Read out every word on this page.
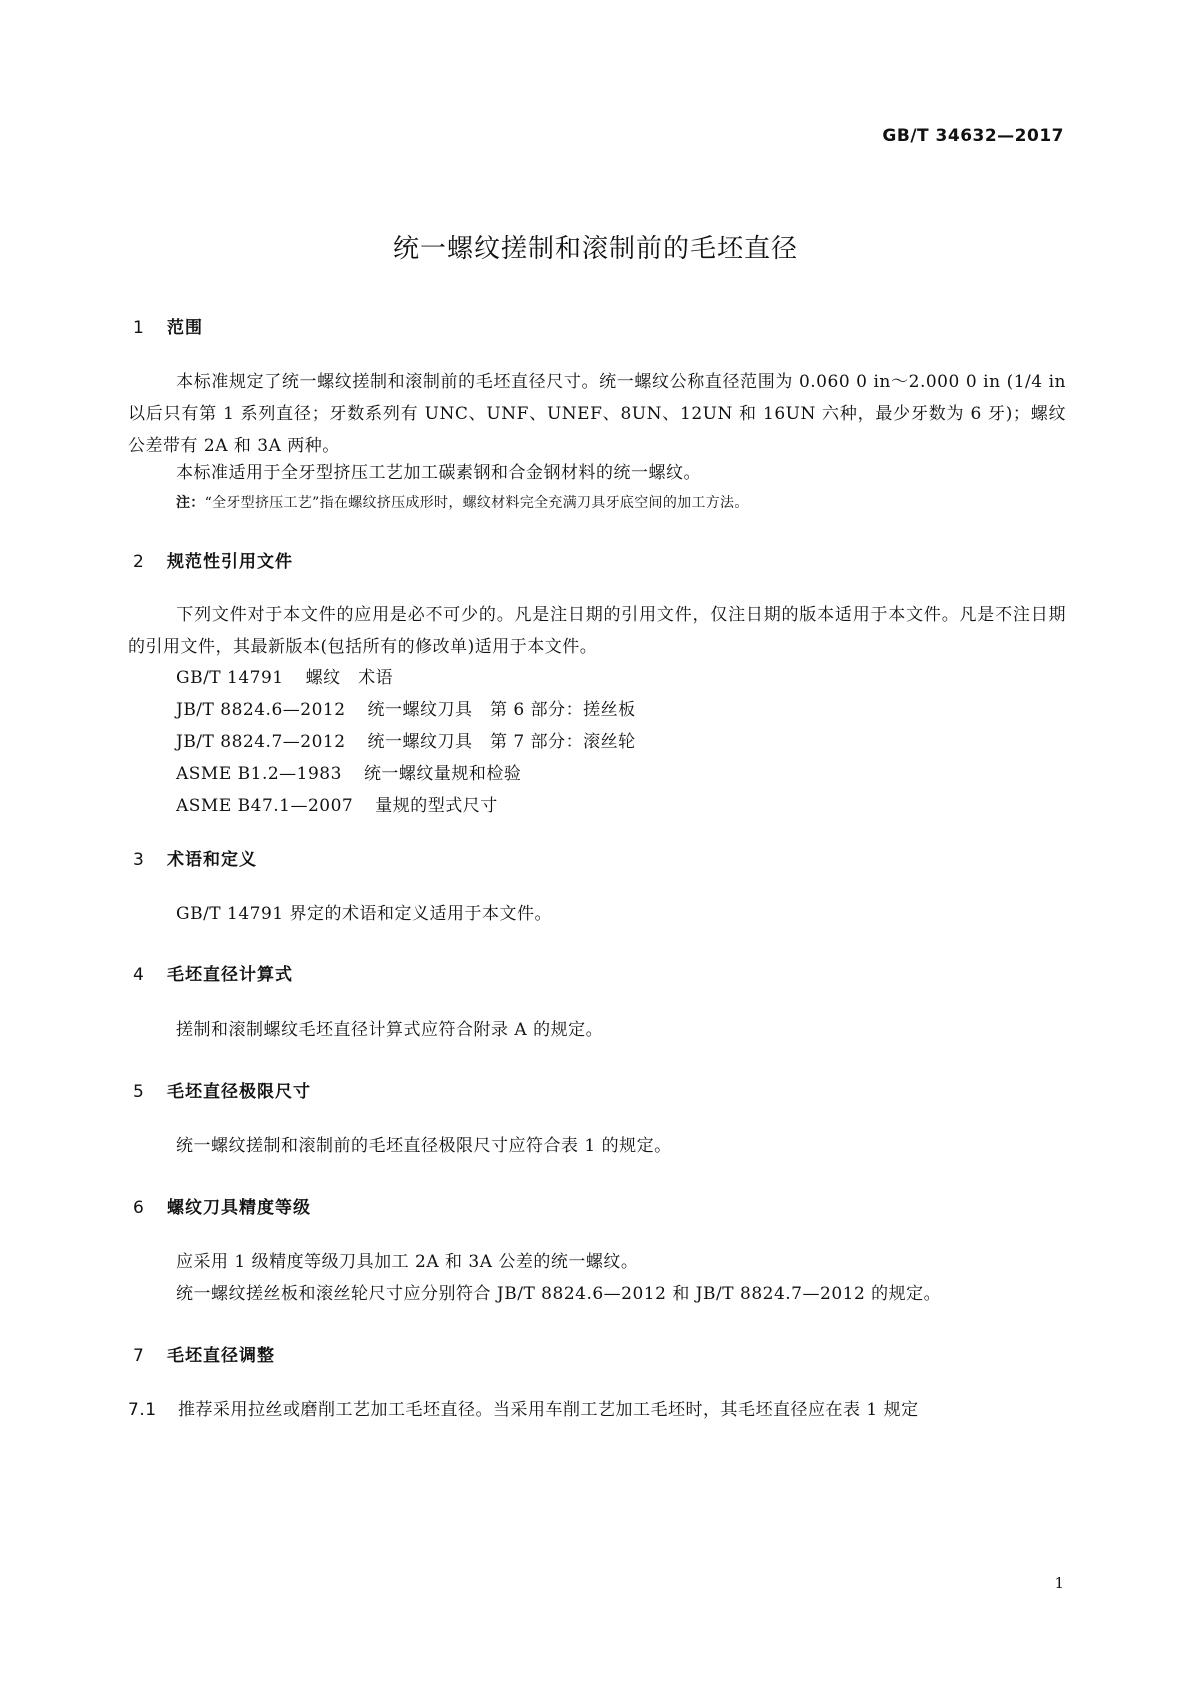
GB/T 34632—2017
统一螺纹搓制和滚制前的毛坯直径
1 范围
本标准规定了统一螺纹搓制和滚制前的毛坯直径尺寸。统一螺纹公称直径范围为 0.060 0 in～2.000 0 in (1/4 in 以后只有第 1 系列直径；牙数系列有 UNC、UNF、UNEF、8UN、12UN 和 16UN 六种，最少牙数为 6 牙)；螺纹公差带有 2A 和 3A 两种。
本标准适用于全牙型挤压工艺加工碳素钢和合金钢材料的统一螺纹。
注：“全牙型挤压工艺”指在螺纹挤压成形时，螺纹材料完全充满刀具牙底空间的加工方法。
2 规范性引用文件
下列文件对于本文件的应用是必不可少的。凡是注日期的引用文件，仅注日期的版本适用于本文件。凡是不注日期的引用文件，其最新版本(包括所有的修改单)适用于本文件。
GB/T 14791 螺纹　术语
JB/T 8824.6—2012 统一螺纹刀具　第 6 部分：搓丝板
JB/T 8824.7—2012 统一螺纹刀具　第 7 部分：滚丝轮
ASME B1.2—1983 统一螺纹量规和检验
ASME B47.1—2007 量规的型式尺寸
3 术语和定义
GB/T 14791 界定的术语和定义适用于本文件。
4 毛坯直径计算式
搓制和滚制螺纹毛坯直径计算式应符合附录 A 的规定。
5 毛坯直径极限尺寸
统一螺纹搓制和滚制前的毛坯直径极限尺寸应符合表 1 的规定。
6 螺纹刀具精度等级
应采用 1 级精度等级刀具加工 2A 和 3A 公差的统一螺纹。
统一螺纹搓丝板和滚丝轮尺寸应分别符合 JB/T 8824.6—2012 和 JB/T 8824.7—2012 的规定。
7 毛坯直径调整
7.1 推荐采用拉丝或磨削工艺加工毛坯直径。当采用车削工艺加工毛坯时，其毛坯直径应在表 1 规定
1
